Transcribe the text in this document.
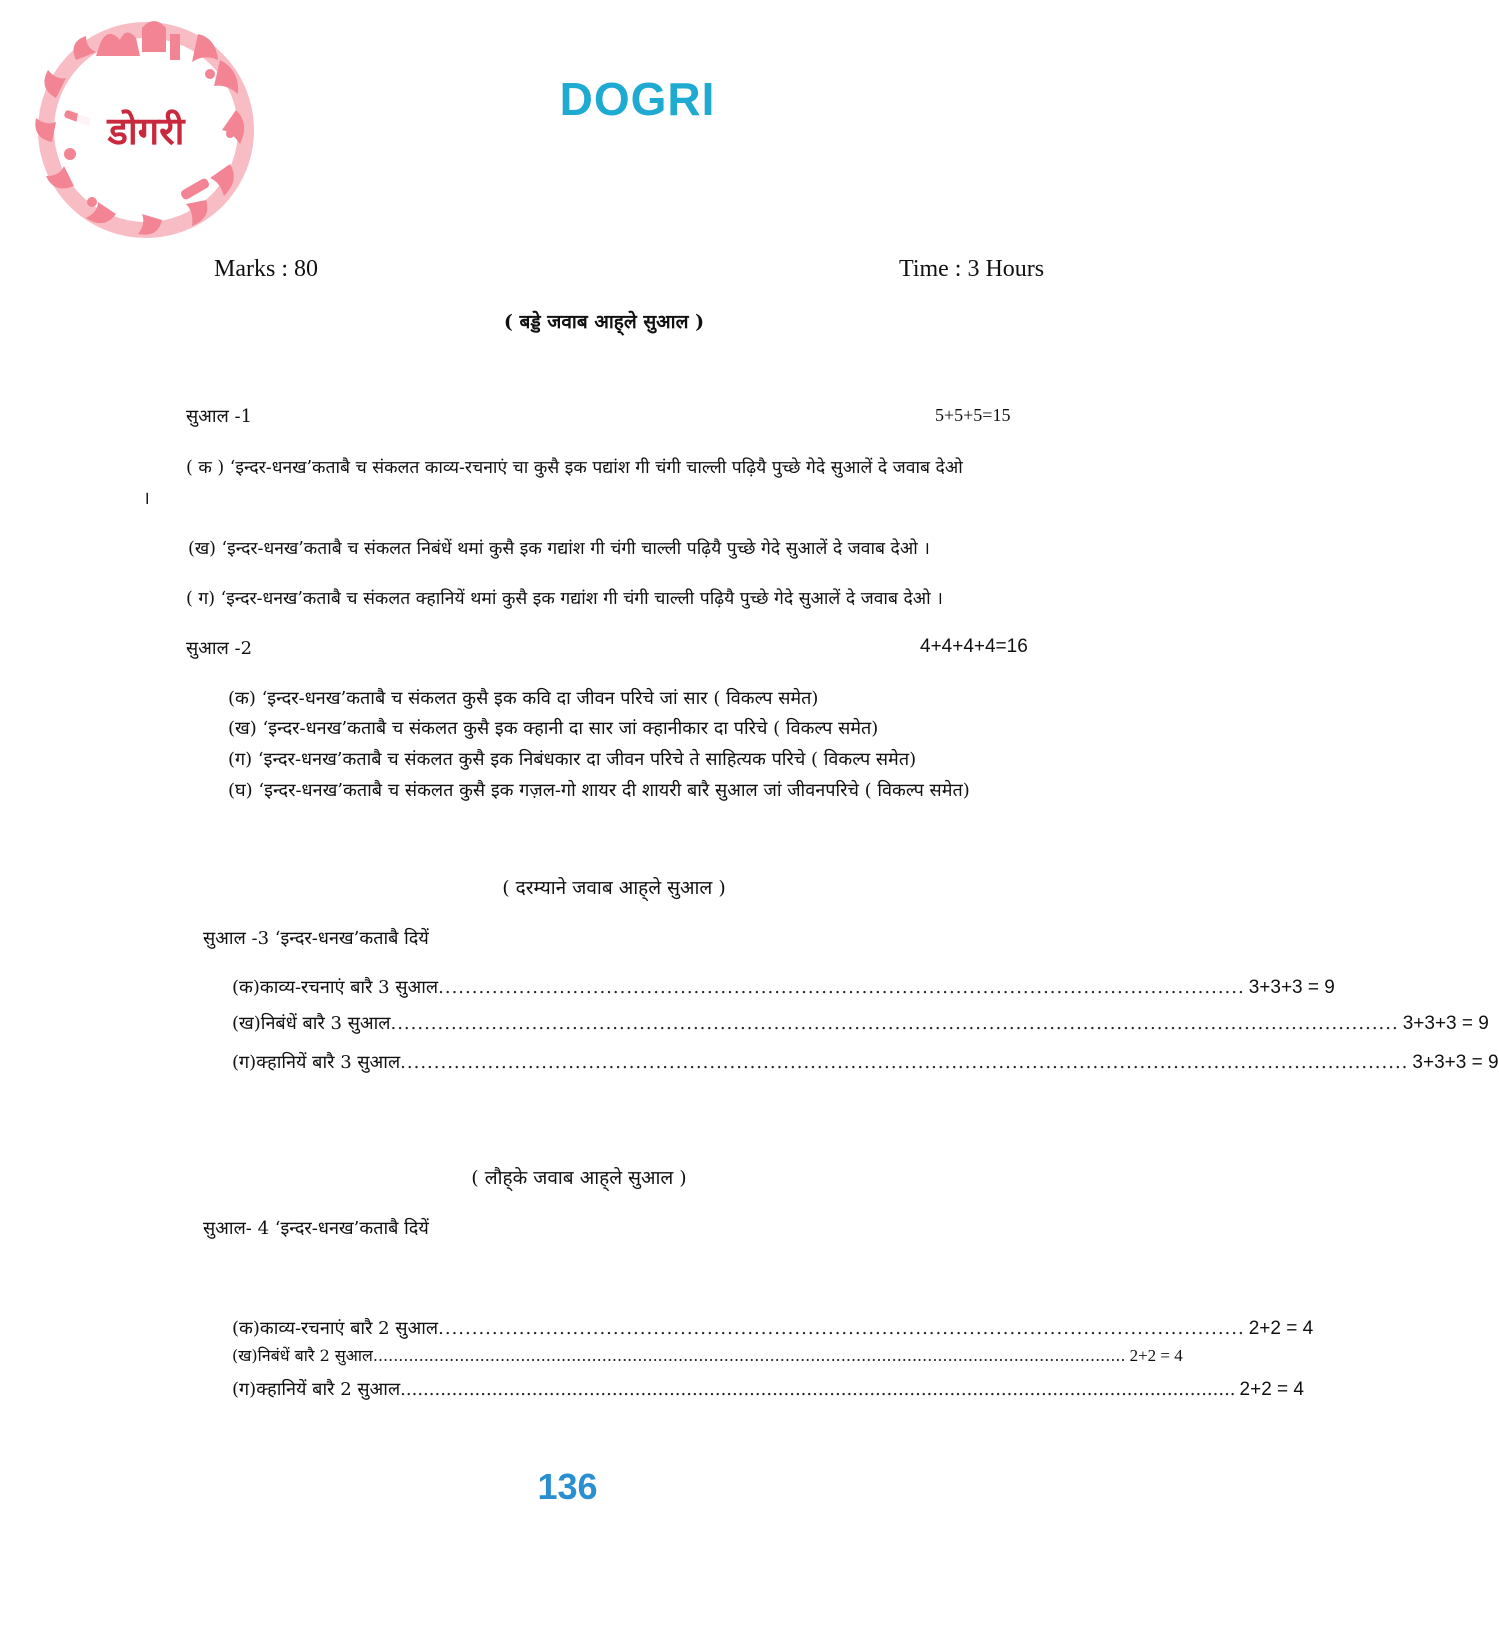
डोगरी
DOGRI
Marks : 80	Time : 3 Hours
( बड्डे जवाब आह्‌ले सुआल )
सुआल -1	5+5+5=15
( क ) ‘इन्दर-धनख’कताबै च संकलत काव्य-रचनाएं चा कुसै इक पद्यांश गी चंगी चाल्ली पढ़ियै पुच्छे गेदे सुआलें दे जवाब देओ
।
(ख) ‘इन्दर-धनख’कताबै च संकलत निबंधें थमां कुसै इक गद्यांश गी चंगी चाल्ली पढ़ियै पुच्छे गेदे सुआलें दे जवाब देओ ।
( ग) ‘इन्दर-धनख’कताबै च संकलत क्हानियें थमां कुसै इक गद्यांश गी चंगी चाल्ली पढ़ियै पुच्छे गेदे सुआलें दे जवाब देओ ।
सुआल -2	4+4+4+4=16
(क) ‘इन्दर-धनख’कताबै च संकलत कुसै इक कवि दा जीवन परिचे जां सार ( विकल्प समेत)
(ख) ‘इन्दर-धनख’कताबै च संकलत कुसै इक क्हानी दा सार जां क्हानीकार दा परिचे ( विकल्प समेत)
(ग) ‘इन्दर-धनख’कताबै च संकलत कुसै इक निबंधकार दा जीवन परिचे ते साहित्यक परिचे ( विकल्प समेत)
(घ) ‘इन्दर-धनख’कताबै च संकलत कुसै इक गज़ल-गो शायर दी शायरी बारै सुआल जां जीवनपरिचे ( विकल्प समेत)
( दरम्याने जवाब आह्‌ले सुआल )
सुआल -3 ‘इन्दर-धनख’कताबै दियें
(क) काव्य-रचनाएं बारै 3 सुआल ........................................................................................................................ 3+3+3 = 9
(ख) निबंधें बारै 3 सुआल ...................................................................................................................................................... 3+3+3 = 9
(ग) क्हानियें बारै 3 सुआल ...................................................................................................................................................... 3+3+3 = 9
( लौह्‌के जवाब आह्‌ले सुआल )
सुआल- 4 ‘इन्दर-धनख’कताबै दियें
(क) काव्य-रचनाएं बारै 2 सुआल ........................................................................................................................ 2+2 = 4
(ख) निबंधें बारै 2 सुआल .................................................................................................................................................... 2+2 = 4
(ग) क्हानियें बारै 2 सुआल .................................................................................................................................................. 2+2 = 4
136
